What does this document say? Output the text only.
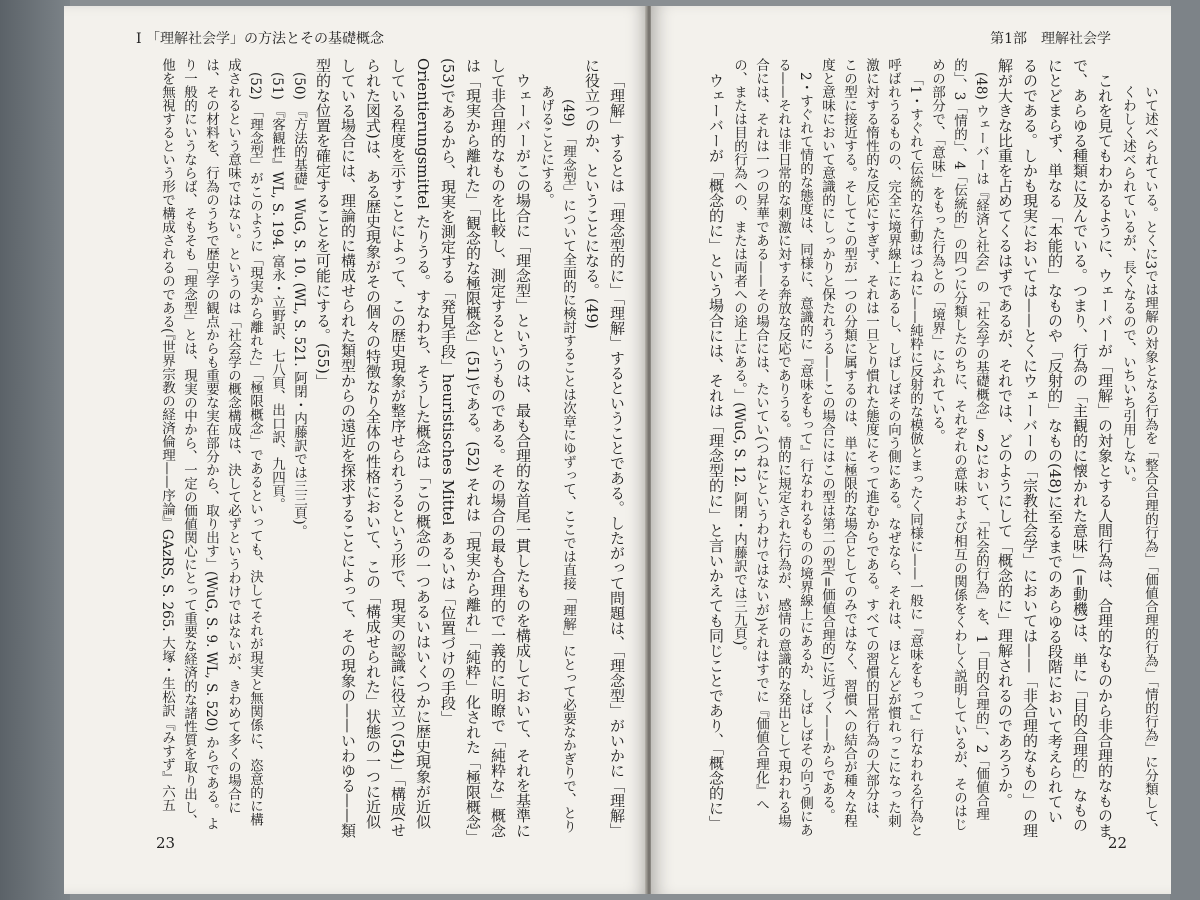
I 「理解社会学」の方法とその基礎概念

「理解」するとは「理念型的に」「理解」するということである。したがって問題は、「理念型」がいかに「理解」に役立つのか、ということになる。(49)

(49) 「理念型」について全面的に検討することは次章にゆずって、ここでは直接「理解」にとって必要なかぎりで、とりあげることにする。

ウェーバーがこの場合に「理念型」というのは、最も合理的な首尾一貫したものを構成しておいて、それを基準にして非合理的なものを比較し、測定するというものである。その場合の最も合理的で一義的に明瞭で「純粋な」概念は「現実から離れた」「観念的な極限概念」(51)である。(52) それは「現実から離れ」「純粋」化された「極限概念」(53)であるから、現実を測定する「発見手段」heuristisches Mittel あるいは「位置づけの手段」Orientierungsmittel たりうる。すなわち、そうした概念は「この概念の一つあるいはいくつかに歴史現象が近似している程度を示すことによって、この歴史現象が整序せられうるという形で、現実の認識に役立つ(54)」「構成(せられた図式)は、ある歴史現象がその個々の特徴なり全体の性格において、この「構成せられた」状態の一つに近似している場合には、理論的に構成せられた類型からの遠近を探求することによって、その現象の——いわゆる——類型的な位置を確定することを可能にする。(55)」

(50) 『方法的基礎』WuG, S. 10. (WL, S. 521. 阿閉・内藤訳では三三頁)。

(51) 『客観性』WL, S. 194. 富永・立野訳、七八頁、出口訳、九四頁。

(52) 「理念型」がこのように「現実から離れた」「極限概念」であるといっても、決してそれが現実と無関係に、恣意的に構成されるという意味ではない。というのは「社会学の概念構成は、決して必ずというわけではないが、きわめて多くの場合には、その材料を、行為のうちで歴史学の観点からも重要な実在部分から、取り出す」(WuG, S. 9. WL, S. 520) からである。より一般的にいうならば、そもそも「理念型」とは、現実の中から、一定の価値関心にとって重要な経済的な諸性質を取り出し、他を無視するという形で構成されるのである(『世界宗教の経済倫理——序論』GAzRS, S. 265. 大塚・生松訳『みすず』六五

23
第1部　理解社会学

いて述べられている。とくに3では理解の対象となる行為を「整合合理的行為」「価値合理的行為」「情的行為」に分類して、くわしく述べられているが、長くなるので、いちいち引用しない。

これを見てもわかるように、ウェーバーが「理解」の対象とする人間行為は、合理的なものから非合理的なものまで、あらゆる種類に及んでいる。つまり、行為の「主観的に懐かれた意味」(=動機)は、単に「目的合理的」なものにとどまらず、単なる「本能的」なものや「反射的」なもの(48)に至るまでのあらゆる段階において考えられているのである。しかも現実においては——とくにウェーバーの「宗教社会学」においては——「非合理的なもの」の理解が大きな比重を占めてくるはずであるが、それでは、どのようにして「概念的に」理解されるのであろうか。

(48) ウェーバーは『経済と社会』の「社会学の基礎概念」§2において、「社会的行為」を、1「目的合理的」、2「価値合理的」、3「情的」、4「伝統的」の四つに分類したのちに、それぞれの意味および相互の関係をくわしく説明しているが、そのはじめの部分で、「意味」をもった行為との「境界」にふれている。

「1・すぐれて伝統的な行動はつねに——純粋に反射的な模倣とまったく同様に——一般に『意味をもって』行なわれる行為と呼ばれうるものの、完全に境界線上にあるし、しばしばその向う側にある。なぜなら、それは、ほとんどが慣れっこになった刺激に対する惰性的な反応にすぎず、それは一旦とり慣れた態度にそって進むからである。すべての習慣的日常行為の大部分は、この型に接近する。そしてこの型が一つの分類に属するのは、単に極限的な場合としてのみではなく、習慣への結合が種々な程度と意味において意識的にしっかりと保たれうる——この場合にはこの型は第二の型(=価値合理的)に近づく——からである。

2・すぐれて情的な態度は、同様に、意識的に『意味をもって』行なわれるものの境界線上にあるか、しばしばその向う側にある——それは非日常的な刺激に対する奔放な反応でありうる。情的に規定された行為が、感情の意識的な発出として現われる場合には、それは一つの昇華である——その場合には、たいてい(つねにというわけではないが)それはすでに『価値合理化』への、または目的行為への、または両者への途上にある。」(WuG, S. 12. 阿閉・内藤訳では三九頁)。

ウェーバーが「概念的に」という場合には、それは「理念型的に」と言いかえても同じことであり、「概念的に」

22
